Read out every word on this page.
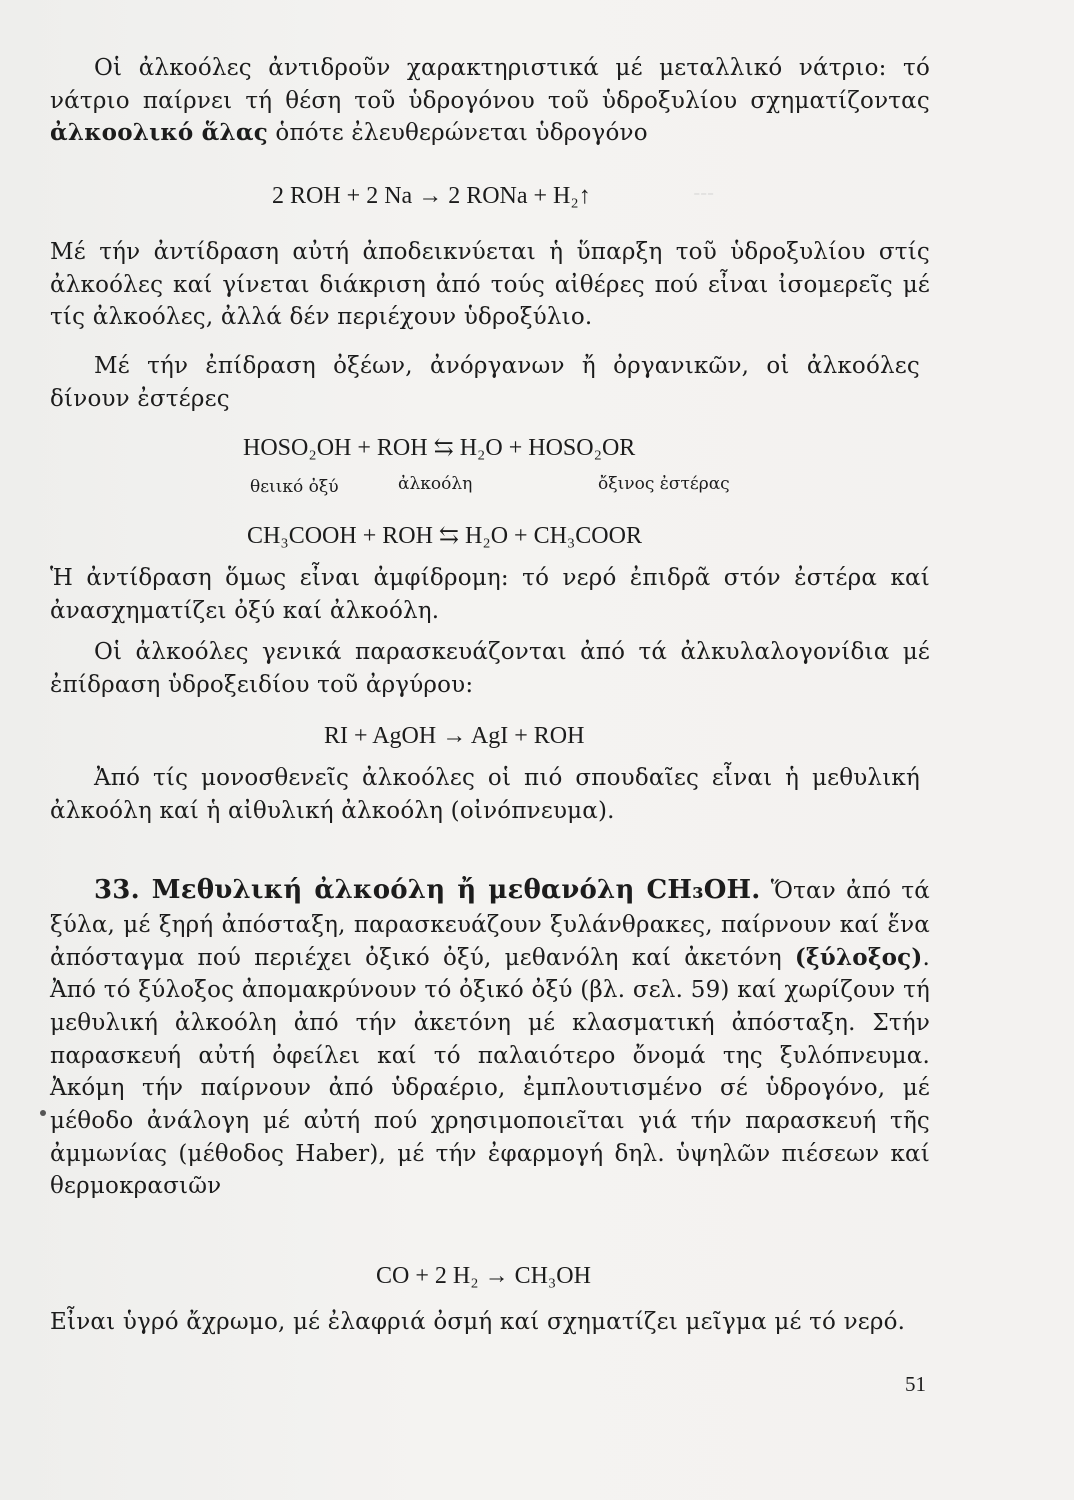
̵ ̵ ̵

Οἱ ἀλκοόλες ἀντιδροῦν χαρακτηριστικά μέ μεταλλικό νάτριο: τό νάτριο παίρνει τή θέση τοῦ ὑδρογόνου τοῦ ὑδροξυλίου σχηματίζοντας ἀλκοολικό ἅλας ὁπότε ἐλευθερώνεται ὑδρογόνο

2 ROH + 2 Na → 2 RONa + H₂↑

Μέ τήν ἀντίδραση αὐτή ἀποδεικνύεται ἡ ὕπαρξη τοῦ ὑδροξυλίου στίς ἀλκοόλες καί γίνεται διάκριση ἀπό τούς αἰθέρες πού εἶναι ἰσομερεῖς μέ τίς ἀλκοόλες, ἀλλά δέν περιέχουν ὑδροξύλιο.

Μέ τήν ἐπίδραση ὀξέων, ἀνόργανων ἤ ὀργανικῶν, οἱ ἀλκοόλες δίνουν ἐστέρες

HOSO₂OH + ROH ⇆ H₂O + HOSO₂OR
θειικό ὀξύ	ἀλκοόλη	ὄξινος ἐστέρας
CH₃COOH + ROH ⇆ H₂O + CH₃COOR

Ἡ ἀντίδραση ὅμως εἶναι ἀμφίδρομη: τό νερό ἐπιδρᾶ στόν ἐστέρα καί ἀνασχηματίζει ὀξύ καί ἀλκοόλη.

Οἱ ἀλκοόλες γενικά παρασκευάζονται ἀπό τά ἀλκυλαλογονίδια μέ ἐπίδραση ὑδροξειδίου τοῦ ἀργύρου:

RI + AgOH → AgI + ROH

Ἀπό τίς μονοσθενεῖς ἀλκοόλες οἱ πιό σπουδαῖες εἶναι ἡ μεθυλική ἀλκοόλη καί ἡ αἰθυλική ἀλκοόλη (οἰνόπνευμα).

33. Μεθυλική ἀλκοόλη ἤ μεθανόλη CH₃OH. Ὅταν ἀπό τά ξύλα, μέ ξηρή ἀπόσταξη, παρασκευάζουν ξυλάνθρακες, παίρνουν καί ἕνα ἀπόσταγμα πού περιέχει ὀξικό ὀξύ, μεθανόλη καί ἀκετόνη (ξύλοξος). Ἀπό τό ξύλοξος ἀπομακρύνουν τό ὀξικό ὀξύ (βλ. σελ. 59) καί χωρίζουν τή μεθυλική ἀλκοόλη ἀπό τήν ἀκετόνη μέ κλασματική ἀπόσταξη. Στήν παρασκευή αὐτή ὀφείλει καί τό παλαιότερο ὄνομά της ξυλόπνευμα. Ἀκόμη τήν παίρνουν ἀπό ὑδραέριο, ἐμπλουτισμένο σέ ὑδρογόνο, μέ μέθοδο ἀνάλογη μέ αὐτή πού χρησιμοποιεῖται γιά τήν παρασκευή τῆς ἀμμωνίας (μέθοδος Haber), μέ τήν ἐφαρμογή δηλ. ὑψηλῶν πιέσεων καί θερμοκρασιῶν

CO + 2 H₂ → CH₃OH

Εἶναι ὑγρό ἄχρωμο, μέ ἐλαφριά ὀσμή καί σχηματίζει μεῖγμα μέ τό νερό.

51
